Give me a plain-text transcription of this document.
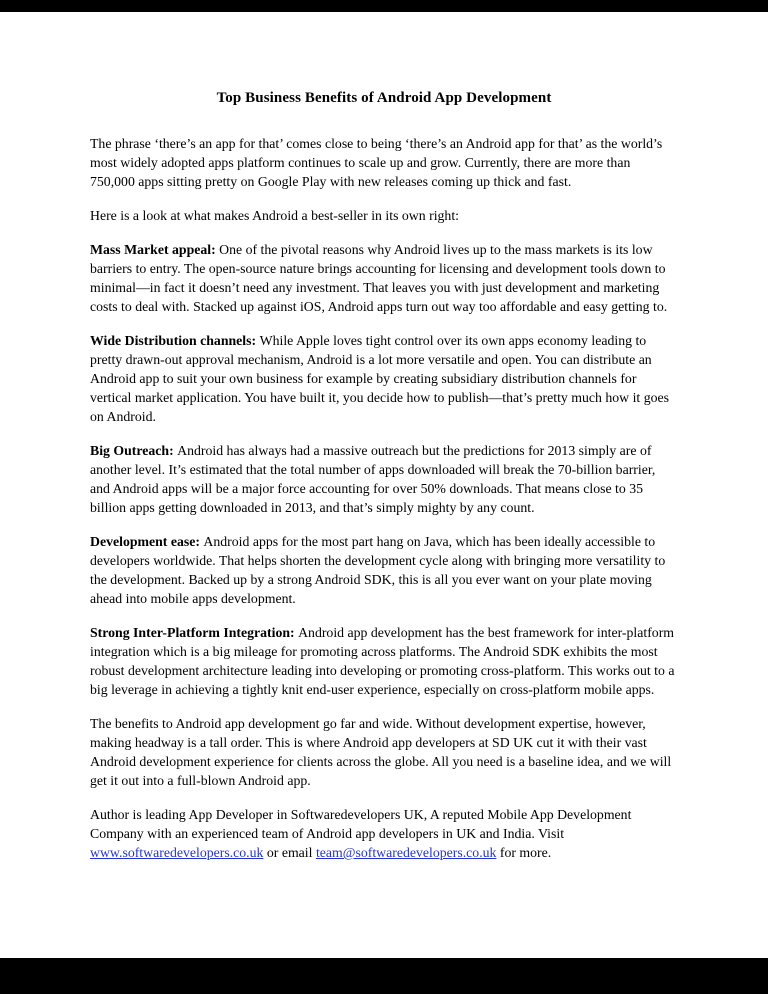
Top Business Benefits of Android App Development

The phrase ‘there’s an app for that’ comes close to being ‘there’s an Android app for that’ as the world’s most widely adopted apps platform continues to scale up and grow. Currently, there are more than 750,000 apps sitting pretty on Google Play with new releases coming up thick and fast.

Here is a look at what makes Android a best-seller in its own right:

Mass Market appeal: One of the pivotal reasons why Android lives up to the mass markets is its low barriers to entry. The open-source nature brings accounting for licensing and development tools down to minimal—in fact it doesn’t need any investment. That leaves you with just development and marketing costs to deal with. Stacked up against iOS, Android apps turn out way too affordable and easy getting to.

Wide Distribution channels: While Apple loves tight control over its own apps economy leading to pretty drawn-out approval mechanism, Android is a lot more versatile and open. You can distribute an Android app to suit your own business for example by creating subsidiary distribution channels for vertical market application. You have built it, you decide how to publish—that’s pretty much how it goes on Android.

Big Outreach: Android has always had a massive outreach but the predictions for 2013 simply are of another level. It’s estimated that the total number of apps downloaded will break the 70-billion barrier, and Android apps will be a major force accounting for over 50% downloads. That means close to 35 billion apps getting downloaded in 2013, and that’s simply mighty by any count.

Development ease: Android apps for the most part hang on Java, which has been ideally accessible to developers worldwide. That helps shorten the development cycle along with bringing more versatility to the development. Backed up by a strong Android SDK, this is all you ever want on your plate moving ahead into mobile apps development.

Strong Inter-Platform Integration: Android app development has the best framework for inter-platform integration which is a big mileage for promoting across platforms. The Android SDK exhibits the most robust development architecture leading into developing or promoting cross-platform. This works out to a big leverage in achieving a tightly knit end-user experience, especially on cross-platform mobile apps.

The benefits to Android app development go far and wide. Without development expertise, however, making headway is a tall order. This is where Android app developers at SD UK cut it with their vast Android development experience for clients across the globe. All you need is a baseline idea, and we will get it out into a full-blown Android app.

Author is leading App Developer in Softwaredevelopers UK, A reputed Mobile App Development Company with an experienced team of Android app developers in UK and India. Visit www.softwaredevelopers.co.uk or email team@softwaredevelopers.co.uk for more.
